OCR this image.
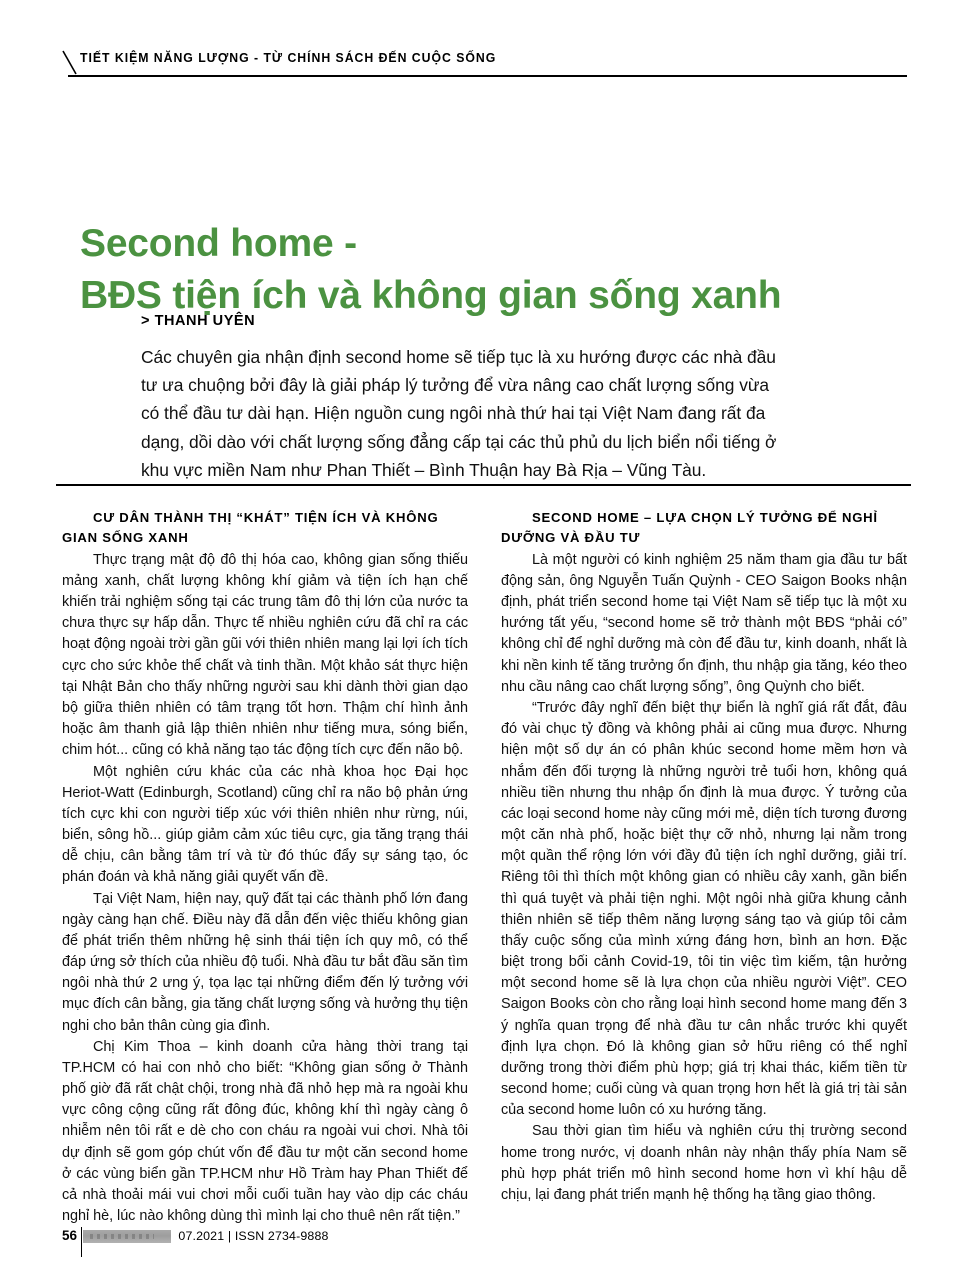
TIẾT KIỆM NĂNG LƯỢNG - TỪ CHÍNH SÁCH ĐẾN CUỘC SỐNG
Second home -
BĐS tiện ích và không gian sống xanh
> THANH UYÊN
Các chuyên gia nhận định second home sẽ tiếp tục là xu hướng được các nhà đầu
tư ưa chuộng bởi đây là giải pháp lý tưởng để vừa nâng cao chất lượng sống vừa
có thể đầu tư dài hạn. Hiện nguồn cung ngôi nhà thứ hai tại Việt Nam đang rất đa
dạng, dồi dào với chất lượng sống đẳng cấp tại các thủ phủ du lịch biển nổi tiếng ở
khu vực miền Nam như Phan Thiết – Bình Thuận hay Bà Rịa – Vũng Tàu.
CƯ DÂN THÀNH THỊ “KHÁT” TIỆN ÍCH VÀ KHÔNG GIAN SỐNG XANH

Thực trạng mật độ đô thị hóa cao, không gian sống thiếu mảng xanh, chất lượng không khí giảm và tiện ích hạn chế khiến trải nghiệm sống tại các trung tâm đô thị lớn của nước ta chưa thực sự hấp dẫn. Thực tế nhiều nghiên cứu đã chỉ ra các hoạt động ngoài trời gần gũi với thiên nhiên mang lại lợi ích tích cực cho sức khỏe thể chất và tinh thần. Một khảo sát thực hiện tại Nhật Bản cho thấy những người sau khi dành thời gian dạo bộ giữa thiên nhiên có tâm trạng tốt hơn. Thậm chí hình ảnh hoặc âm thanh giả lập thiên nhiên như tiếng mưa, sóng biển, chim hót... cũng có khả năng tạo tác động tích cực đến não bộ.

Một nghiên cứu khác của các nhà khoa học Đại học Heriot-Watt (Edinburgh, Scotland) cũng chỉ ra não bộ phản ứng tích cực khi con người tiếp xúc với thiên nhiên như rừng, núi, biển, sông hồ... giúp giảm cảm xúc tiêu cực, gia tăng trạng thái dễ chịu, cân bằng tâm trí và từ đó thúc đẩy sự sáng tạo, óc phán đoán và khả năng giải quyết vấn đề.

Tại Việt Nam, hiện nay, quỹ đất tại các thành phố lớn đang ngày càng hạn chế. Điều này đã dẫn đến việc thiếu không gian để phát triển thêm những hệ sinh thái tiện ích quy mô, có thể đáp ứng sở thích của nhiều độ tuổi. Nhà đầu tư bắt đầu săn tìm ngôi nhà thứ 2 ưng ý, tọa lạc tại những điểm đến lý tưởng với mục đích cân bằng, gia tăng chất lượng sống và hưởng thụ tiện nghi cho bản thân cùng gia đình.

Chị Kim Thoa – kinh doanh cửa hàng thời trang tại TP.HCM có hai con nhỏ cho biết: “Không gian sống ở Thành phố giờ đã rất chật chội, trong nhà đã nhỏ hẹp mà ra ngoài khu vực công cộng cũng rất đông đúc, không khí thì ngày càng ô nhiễm nên tôi rất e dè cho con cháu ra ngoài vui chơi. Nhà tôi dự định sẽ gom góp chút vốn để đầu tư một căn second home ở các vùng biển gần TP.HCM như Hồ Tràm hay Phan Thiết để cả nhà thoải mái vui chơi mỗi cuối tuần hay vào dịp các cháu nghỉ hè, lúc nào không dùng thì mình lại cho thuê nên rất tiện.”

SECOND HOME – LỰA CHỌN LÝ TƯỞNG ĐỂ NGHỈ DƯỠNG VÀ ĐẦU TƯ

Là một người có kinh nghiệm 25 năm tham gia đầu tư bất động sản, ông Nguyễn Tuấn Quỳnh - CEO Saigon Books nhận định, phát triển second home tại Việt Nam sẽ tiếp tục là một xu hướng tất yếu, “second home sẽ trở thành một BĐS “phải có” không chỉ để nghỉ dưỡng mà còn để đầu tư, kinh doanh, nhất là khi nền kinh tế tăng trưởng ổn định, thu nhập gia tăng, kéo theo nhu cầu nâng cao chất lượng sống”, ông Quỳnh cho biết.

“Trước đây nghĩ đến biệt thự biển là nghĩ giá rất đắt, đâu đó vài chục tỷ đồng và không phải ai cũng mua được. Nhưng hiện một số dự án có phân khúc second home mềm hơn và nhắm đến đối tượng là những người trẻ tuổi hơn, không quá nhiều tiền nhưng thu nhập ổn định là mua được. Ý tưởng của các loại second home này cũng mới mẻ, diện tích tương đương một căn nhà phố, hoặc biệt thự cỡ nhỏ, nhưng lại nằm trong một quần thể rộng lớn với đầy đủ tiện ích nghỉ dưỡng, giải trí. Riêng tôi thì thích một không gian có nhiều cây xanh, gần biển thì quá tuyệt và phải tiện nghi. Một ngôi nhà giữa khung cảnh thiên nhiên sẽ tiếp thêm năng lượng sáng tạo và giúp tôi cảm thấy cuộc sống của mình xứng đáng hơn, bình an hơn. Đặc biệt trong bối cảnh Covid-19, tôi tin việc tìm kiếm, tận hưởng một second home sẽ là lựa chọn của nhiều người Việt”. CEO Saigon Books còn cho rằng loại hình second home mang đến 3 ý nghĩa quan trọng để nhà đầu tư cân nhắc trước khi quyết định lựa chọn. Đó là không gian sở hữu riêng có thể nghỉ dưỡng trong thời điểm phù hợp; giá trị khai thác, kiếm tiền từ second home; cuối cùng và quan trọng hơn hết là giá trị tài sản của second home luôn có xu hướng tăng.

Sau thời gian tìm hiểu và nghiên cứu thị trường second home trong nước, vị doanh nhân này nhận thấy phía Nam sẽ phù hợp phát triển mô hình second home hơn vì khí hậu dễ chịu, lại đang phát triển mạnh hệ thống hạ tầng giao thông.

56	07.2021 | ISSN 2734-9888
